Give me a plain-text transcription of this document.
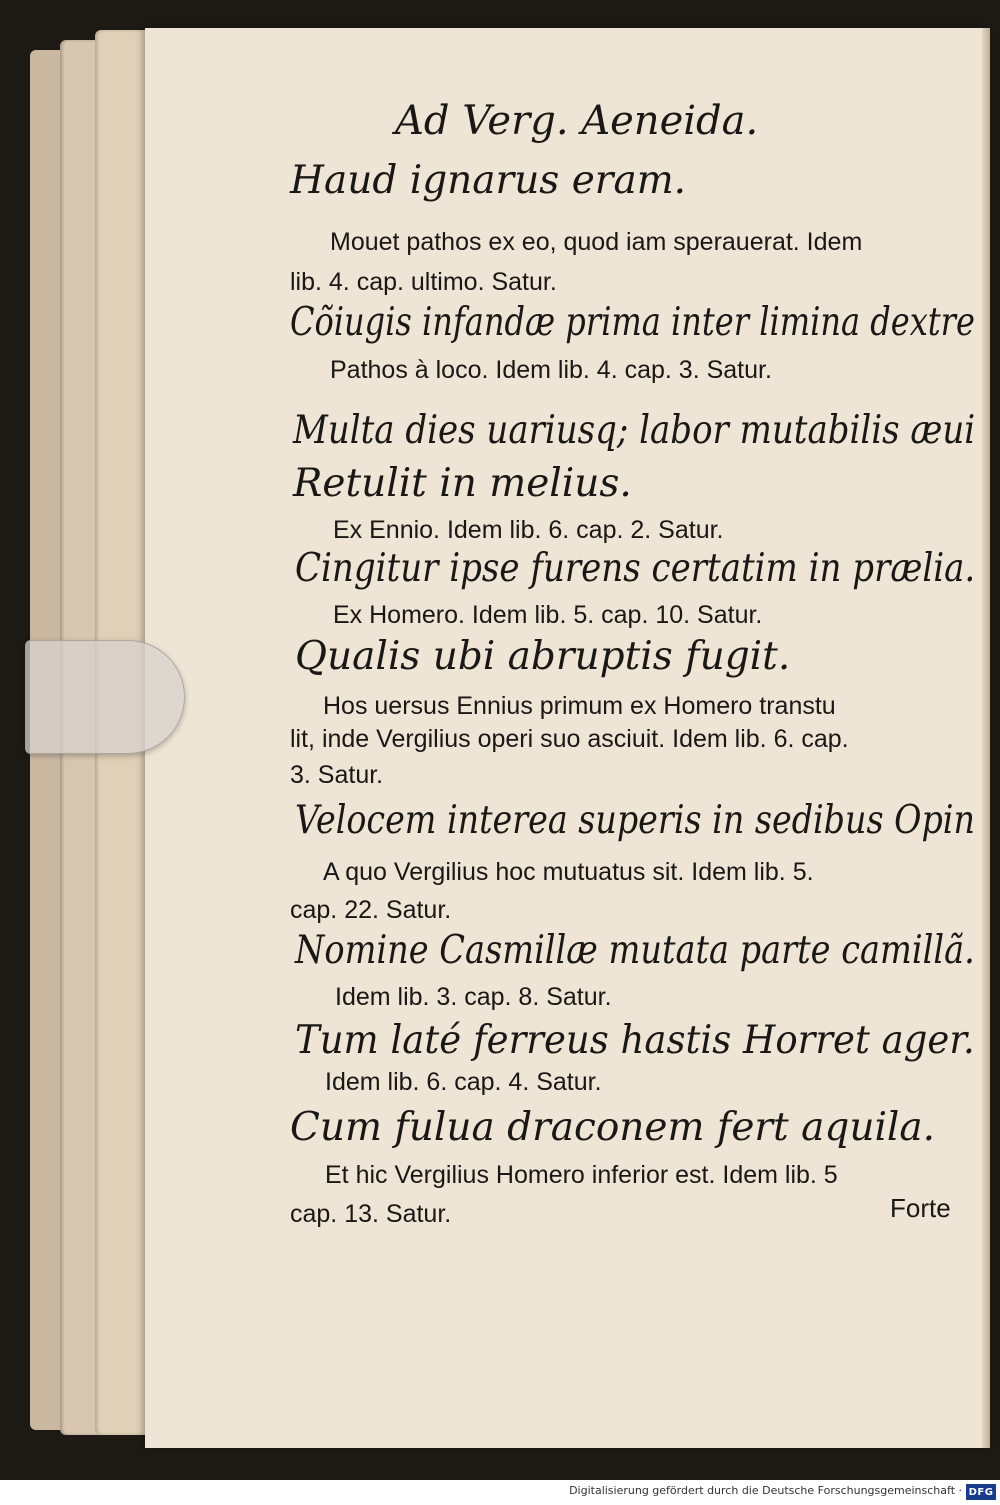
Ad Verg. Aeneida.
Haud ignarus eram.
Mouet pathos ex eo, quod iam sperauerat. Idem
lib. 4. cap. ultimo. Satur.
Cõiugis infandæ prima inter limina dextre
Pathos à loco. Idem lib. 4. cap. 3. Satur.
Multa dies uariusq; labor mutabilis æui
Retulit in melius.
Ex Ennio. Idem lib. 6. cap. 2. Satur.
Cingitur ipse furens certatim in prælia.
Ex Homero. Idem lib. 5. cap. 10. Satur.
Qualis ubi abruptis fugit.
Hos uersus Ennius primum ex Homero transtu
lit, inde Vergilius operi suo asciuit. Idem lib. 6. cap.
3. Satur.
Velocem interea superis in sedibus Opin
A quo Vergilius hoc mutuatus sit. Idem lib. 5.
cap. 22. Satur.
Nomine Casmillæ mutata parte camillã.
Idem lib. 3. cap. 8. Satur.
Tum laté ferreus hastis Horret ager.
Idem lib. 6. cap. 4. Satur.
Cum fulua draconem fert aquila.
Et hic Vergilius Homero inferior est. Idem lib. 5
cap. 13. Satur.	Forte
Digitalisierung gefördert durch die Deutsche Forschungsgemeinschaft · DFG
